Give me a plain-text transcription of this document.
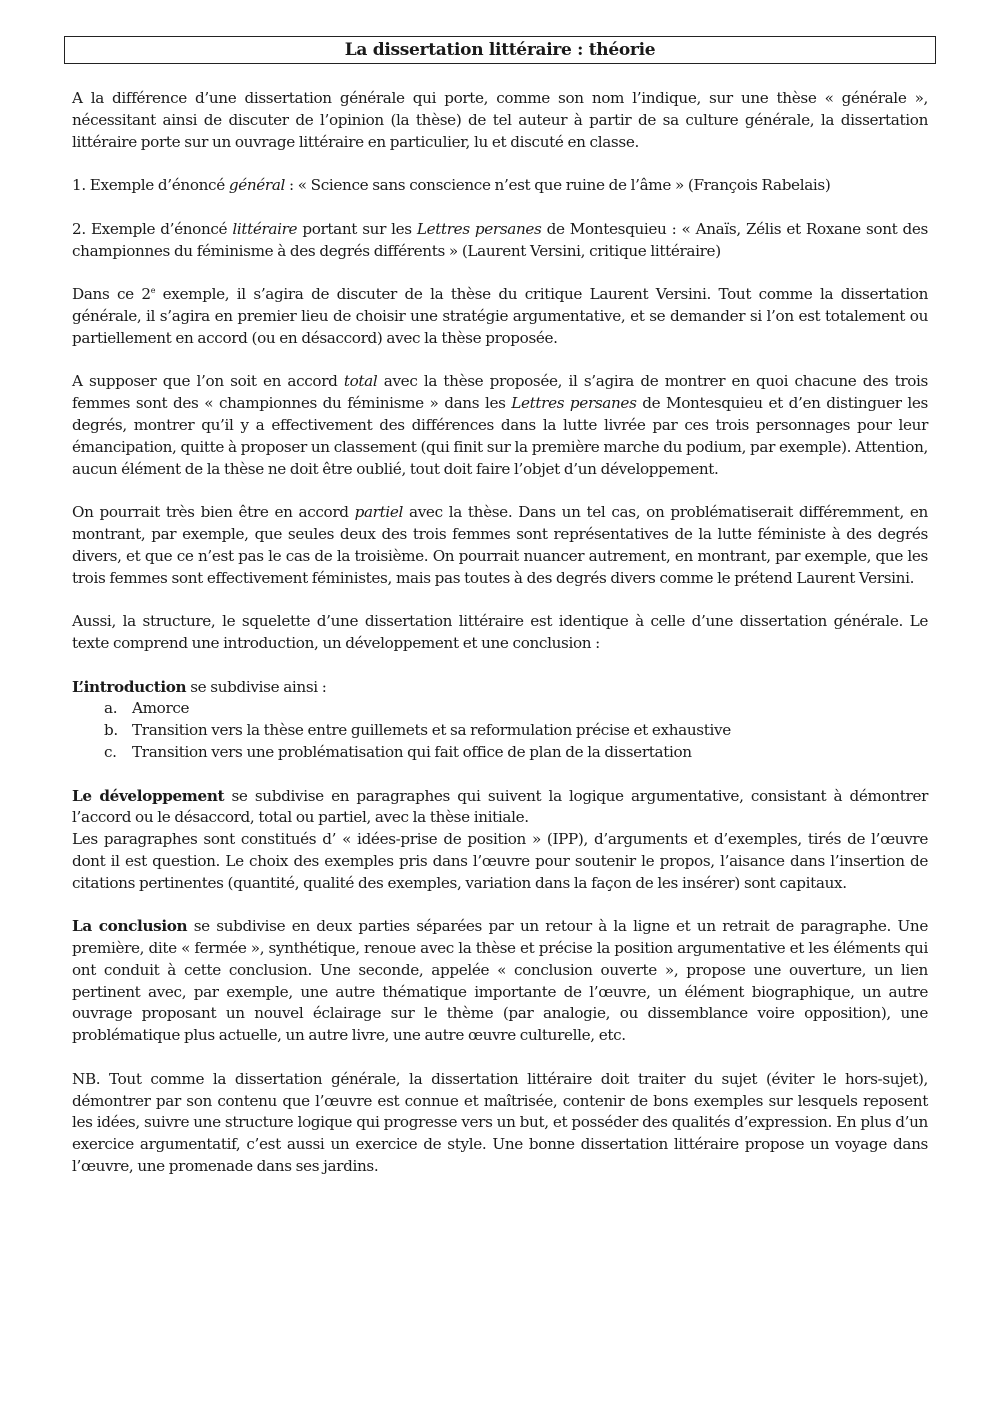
La dissertation littéraire : théorie

A la différence d’une dissertation générale qui porte, comme son nom l’indique, sur une thèse « générale », nécessitant ainsi de discuter de l’opinion (la thèse) de tel auteur à partir de sa culture générale, la dissertation littéraire porte sur un ouvrage littéraire en particulier, lu et discuté en classe.

1. Exemple d’énoncé général : « Science sans conscience n’est que ruine de l’âme » (François Rabelais)

2. Exemple d’énoncé littéraire portant sur les Lettres persanes de Montesquieu : « Anaïs, Zélis et Roxane sont des championnes du féminisme à des degrés différents » (Laurent Versini, critique littéraire)

Dans ce 2e exemple, il s’agira de discuter de la thèse du critique Laurent Versini. Tout comme la dissertation générale, il s’agira en premier lieu de choisir une stratégie argumentative, et se demander si l’on est totalement ou partiellement en accord (ou en désaccord) avec la thèse proposée.

A supposer que l’on soit en accord total avec la thèse proposée, il s’agira de montrer en quoi chacune des trois femmes sont des « championnes du féminisme » dans les Lettres persanes de Montesquieu et d’en distinguer les degrés, montrer qu’il y a effectivement des différences dans la lutte livrée par ces trois personnages pour leur émancipation, quitte à proposer un classement (qui finit sur la première marche du podium, par exemple). Attention, aucun élément de la thèse ne doit être oublié, tout doit faire l’objet d’un développement.

On pourrait très bien être en accord partiel avec la thèse. Dans un tel cas, on problématiserait différemment, en montrant, par exemple, que seules deux des trois femmes sont représentatives de la lutte féministe à des degrés divers, et que ce n’est pas le cas de la troisième. On pourrait nuancer autrement, en montrant, par exemple, que les trois femmes sont effectivement féministes, mais pas toutes à des degrés divers comme le prétend Laurent Versini.

Aussi, la structure, le squelette d’une dissertation littéraire est identique à celle d’une dissertation générale. Le texte comprend une introduction, un développement et une conclusion :

L’introduction se subdivise ainsi :

a. Amorce
b. Transition vers la thèse entre guillemets et sa reformulation précise et exhaustive
c. Transition vers une problématisation qui fait office de plan de la dissertation

Le développement se subdivise en paragraphes qui suivent la logique argumentative, consistant à démontrer l’accord ou le désaccord, total ou partiel, avec la thèse initiale.

Les paragraphes sont constitués d’ « idées-prise de position » (IPP), d’arguments et d’exemples, tirés de l’œuvre dont il est question. Le choix des exemples pris dans l’œuvre pour soutenir le propos, l’aisance dans l’insertion de citations pertinentes (quantité, qualité des exemples, variation dans la façon de les insérer) sont capitaux.

La conclusion se subdivise en deux parties séparées par un retour à la ligne et un retrait de paragraphe. Une première, dite « fermée », synthétique, renoue avec la thèse et précise la position argumentative et les éléments qui ont conduit à cette conclusion. Une seconde, appelée « conclusion ouverte », propose une ouverture, un lien pertinent avec, par exemple, une autre thématique importante de l’œuvre, un élément biographique, un autre ouvrage proposant un nouvel éclairage sur le thème (par analogie, ou dissemblance voire opposition), une problématique plus actuelle, un autre livre, une autre œuvre culturelle, etc.

NB. Tout comme la dissertation générale, la dissertation littéraire doit traiter du sujet (éviter le hors-sujet), démontrer par son contenu que l’œuvre est connue et maîtrisée, contenir de bons exemples sur lesquels reposent les idées, suivre une structure logique qui progresse vers un but, et posséder des qualités d’expression. En plus d’un exercice argumentatif, c’est aussi un exercice de style. Une bonne dissertation littéraire propose un voyage dans l’œuvre, une promenade dans ses jardins.
